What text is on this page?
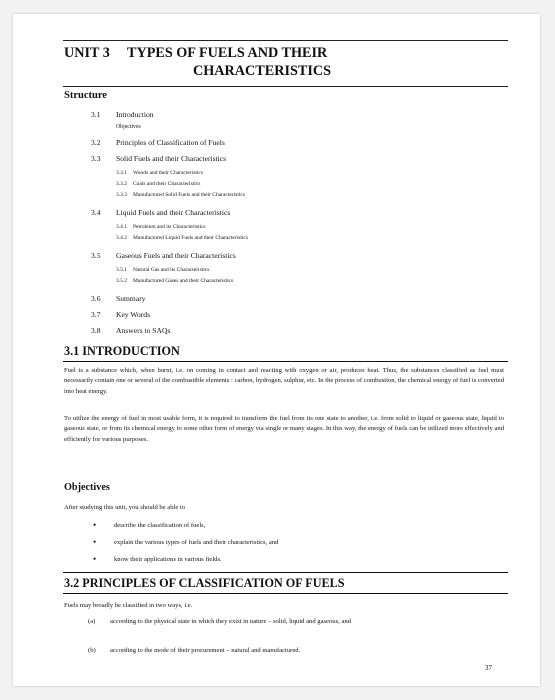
UNIT 3 TYPES OF FUELS AND THEIR
CHARACTERISTICS
Structure
3.1 Introduction
Objectives
3.2 Principles of Classification of Fuels
3.3 Solid Fuels and their Characteristics
3.3.1 Woods and their Characteristics
3.3.2 Coals and their Characteristics
3.3.3 Manufactured Solid Fuels and their Characteristics
3.4 Liquid Fuels and their Characteristics
3.4.1 Petroleum and its Characteristics
3.4.2 Manufactured Liquid Fuels and their Characteristics
3.5 Gaseous Fuels and their Characteristics
3.5.1 Natural Gas and its Characteristics
3.5.2 Manufactured Gases and their Characteristics
3.6 Summary
3.7 Key Words
3.8 Answers to SAQs
3.1 INTRODUCTION
Fuel is a substance which, when burnt, i.e. on coming in contact and reacting with oxygen or air, produces heat. Thus, the substances classified as fuel must necessarily contain one or several of the combustible elements : carbon, hydrogen, sulphur, etc. In the process of combustion, the chemical energy of fuel is converted into heat energy.
To utilize the energy of fuel in most usable form, it is required to transform the fuel from its one state to another, i.e. from solid to liquid or gaseous state, liquid to gaseous state, or from its chemical energy to some other form of energy via single or many stages. In this way, the energy of fuels can be utilized more effectively and efficiently for various purposes.
Objectives
After studying this unit, you should be able to
•	describe the classification of fuels,
•	explain the various types of fuels and their characteristics, and
•	know their applications in various fields.
3.2 PRINCIPLES OF CLASSIFICATION OF FUELS
Fuels may broadly be classified in two ways, i.e.
(a) according to the physical state in which they exist in nature – solid, liquid and gaseous, and
(b) according to the mode of their procurement – natural and manufactured.
37
